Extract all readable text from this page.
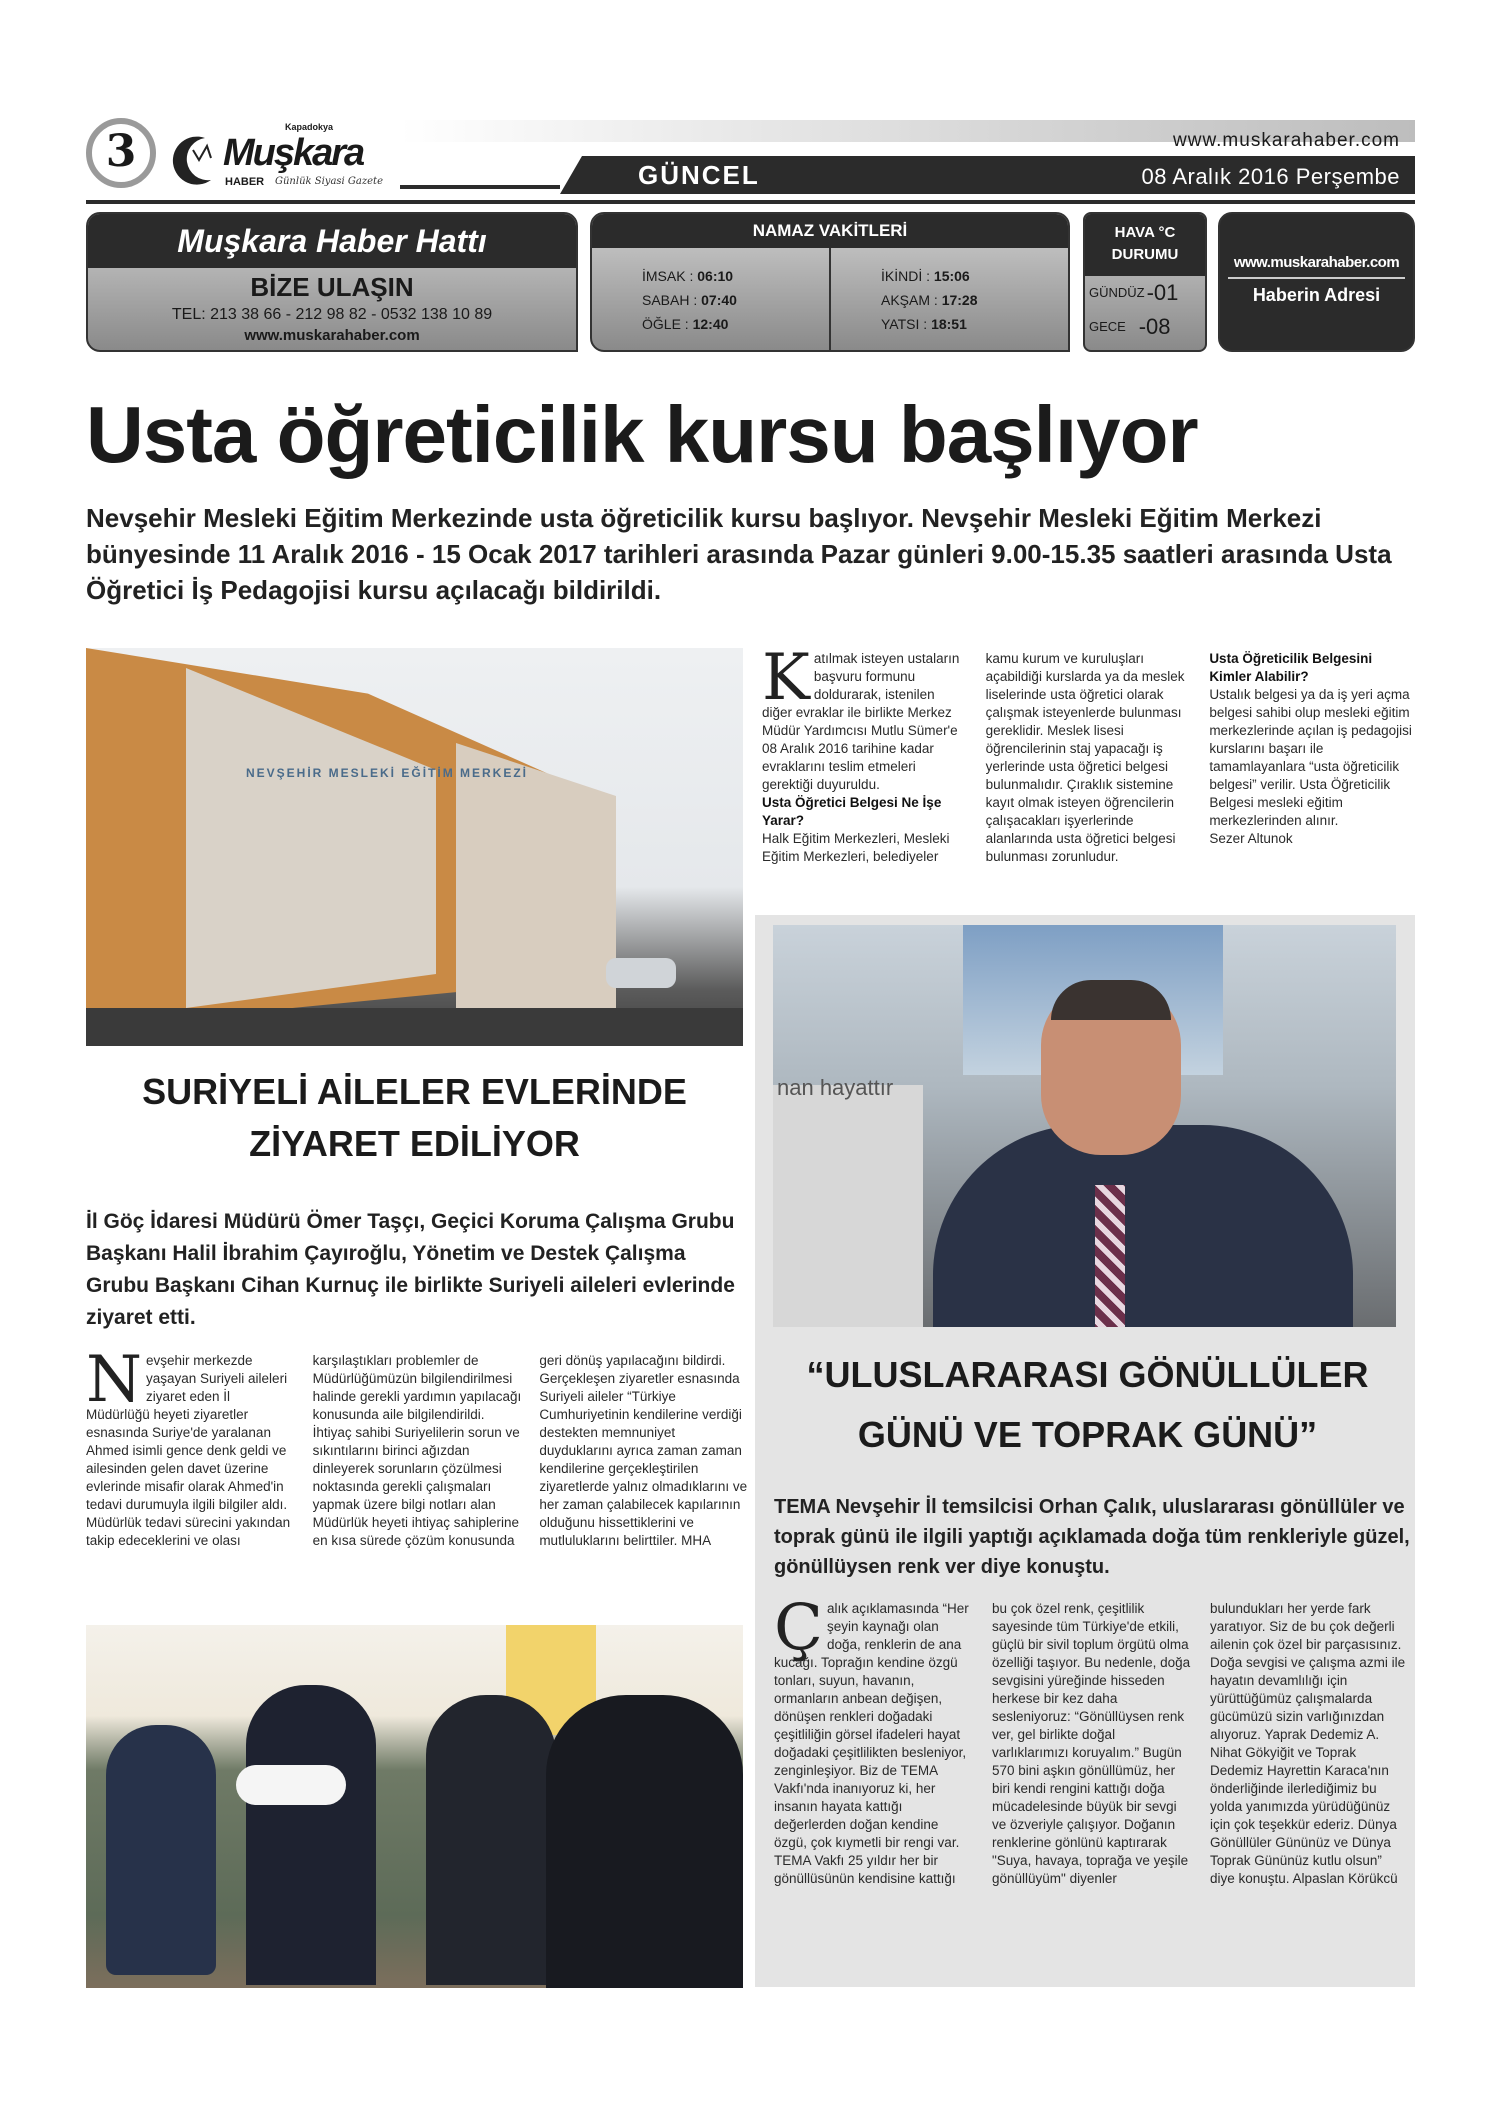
3	Kapadokya
Muşkara
HABER Günlük Siyasi Gazete
www.muskarahaber.com
GÜNCEL	08 Aralık 2016 Perşembe
Muşkara Haber Hattı
BİZE ULAŞIN
TEL: 213 38 66 - 212 98 82 - 0532 138 10 89
www.muskarahaber.com
NAMAZ VAKİTLERİ
İMSAK : 06:10
SABAH : 07:40
ÖĞLE : 12:40
İKİNDİ : 15:06
AKŞAM : 17:28
YATSI : 18:51
HAVA °C
DURUMU
GÜNDÜZ -01
GECE
-08
www.muskarahaber.com
Haberin Adresi
Usta öğreticilik kursu başlıyor
Nevşehir Mesleki Eğitim Merkezinde usta öğreticilik kursu başlıyor. Nevşehir Mesleki Eğitim Merkezi bünyesinde 11 Aralık 2016 - 15 Ocak 2017 tarihleri arasında Pazar günleri 9.00-15.35 saatleri arasında Usta Öğretici İş Pedagojisi kursu açılacağı bildirildi.
NEVŞEHİR MESLEKİ EĞİTİM MERKEZİ
Katılmak isteyen ustaların başvuru formunu doldurarak, istenilen diğer evraklar ile birlikte Merkez Müdür Yardımcısı Mutlu Sümer'e 08 Aralık 2016 tarihine kadar evraklarını teslim etmeleri gerektiği duyuruldu.
Usta Öğretici Belgesi Ne İşe Yarar?
Halk Eğitim Merkezleri, Mesleki Eğitim Merkezleri, belediyeler kamu kurum ve kuruluşları açabildiği kurslarda ya da meslek liselerinde usta öğretici olarak çalışmak isteyenlerde bulunması gereklidir. Meslek lisesi öğrencilerinin staj yapacağı iş yerlerinde usta öğretici belgesi bulunmalıdır. Çıraklık sistemine kayıt olmak isteyen öğrencilerin çalışacakları işyerlerinde alanlarında usta öğretici belgesi bulunması zorunludur.
Usta Öğreticilik Belgesini Kimler Alabilir?
Ustalık belgesi ya da iş yeri açma belgesi sahibi olup mesleki eğitim merkezlerinde açılan iş pedagojisi kurslarını başarı ile tamamlayanlara “usta öğreticilik belgesi” verilir. Usta Öğreticilik Belgesi mesleki eğitim merkezlerinden alınır.
Sezer Altunok
SURİYELİ AİLELER EVLERİNDE
ZİYARET EDİLİYOR
İl Göç İdaresi Müdürü Ömer Taşçı, Geçici Koruma Çalışma Grubu Başkanı Halil İbrahim Çayıroğlu, Yönetim ve Destek Çalışma Grubu Başkanı Cihan Kurnuç ile birlikte Suriyeli aileleri evlerinde ziyaret etti.
Nevşehir merkezde yaşayan Suriyeli aileleri ziyaret eden İl Müdürlüğü heyeti ziyaretler esnasında Suriye'de yaralanan Ahmed isimli gence denk geldi ve ailesinden gelen davet üzerine evlerinde misafir olarak Ahmed'in tedavi durumuyla ilgili bilgiler aldı. Müdürlük tedavi sürecini yakından takip edeceklerini ve olası karşılaştıkları problemler de Müdürlüğümüzün bilgilendirilmesi halinde gerekli yardımın yapılacağı konusunda aile bilgilendirildi. İhtiyaç sahibi Suriyelilerin sorun ve sıkıntılarını birinci ağızdan dinleyerek sorunların çözülmesi noktasında gerekli çalışmaları yapmak üzere bilgi notları alan Müdürlük heyeti ihtiyaç sahiplerine en kısa sürede çözüm konusunda geri dönüş yapılacağını bildirdi. Gerçekleşen ziyaretler esnasında Suriyeli aileler “Türkiye Cumhuriyetinin kendilerine verdiği destekten memnuniyet duyduklarını ayrıca zaman zaman kendilerine gerçekleştirilen ziyaretlerde yalnız olmadıklarını ve her zaman çalabilecek kapılarının olduğunu hissettiklerini ve mutluluklarını belirttiler. MHA
nan hayattır
“ULUSLARARASI GÖNÜLLÜLER
GÜNÜ VE TOPRAK GÜNÜ”
TEMA Nevşehir İl temsilcisi Orhan Çalık, uluslararası gönüllüler ve toprak günü ile ilgili yaptığı açıklamada doğa tüm renkleriyle güzel, gönüllüysen renk ver diye konuştu.
Çalık açıklamasında “Her şeyin kaynağı olan doğa, renklerin de ana kucağı. Toprağın kendine özgü tonları, suyun, havanın, ormanların anbean değişen, dönüşen renkleri doğadaki çeşitliliğin görsel ifadeleri hayat doğadaki çeşitlilikten besleniyor, zenginleşiyor. Biz de TEMA Vakfı'nda inanıyoruz ki, her insanın hayata kattığı değerlerden doğan kendine özgü, çok kıymetli bir rengi var. TEMA Vakfı 25 yıldır her bir gönüllüsünün kendisine kattığı bu çok özel renk, çeşitlilik sayesinde tüm Türkiye'de etkili, güçlü bir sivil toplum örgütü olma özelliği taşıyor. Bu nedenle, doğa sevgisini yüreğinde hisseden herkese bir kez daha sesleniyoruz: “Gönüllüysen renk ver, gel birlikte doğal varlıklarımızı koruyalım.” Bugün 570 bini aşkın gönüllümüz, her biri kendi rengini kattığı doğa mücadelesinde büyük bir sevgi ve özveriyle çalışıyor. Doğanın renklerine gönlünü kaptırarak "Suya, havaya, toprağa ve yeşile gönüllüyüm" diyenler bulundukları her yerde fark yaratıyor. Siz de bu çok değerli ailenin çok özel bir parçasısınız. Doğa sevgisi ve çalışma azmi ile hayatın devamlılığı için yürüttüğümüz çalışmalarda gücümüzü sizin varlığınızdan alıyoruz. Yaprak Dedemiz A. Nihat Gökyiğit ve Toprak Dedemiz Hayrettin Karaca'nın önderliğinde ilerlediğimiz bu yolda yanımızda yürüdüğünüz için çok teşekkür ederiz. Dünya Gönüllüler Gününüz ve Dünya Toprak Gününüz kutlu olsun” diye konuştu. Alpaslan Körükcü
